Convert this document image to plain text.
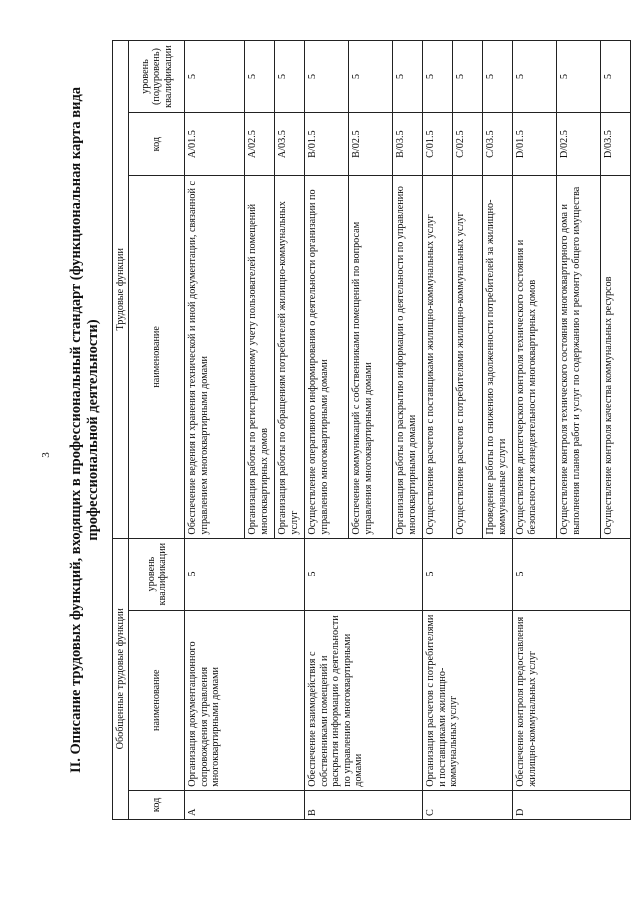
3 II. Описание трудовых функций, входящих в профессиональный стандарт (функциональная карта вида профессиональной деятельности)
Обобщенные трудовые функции			Трудовые функции		
код	наименование	уровень квалификации	наименование	код	уровень (подуровень) квалификации
A	Организация документационного сопровождения управления многоквартирными домами	5	Обеспечение ведения и хранения технической и иной документации, связанной с управлением многоквартирными домами	A/01.5	5
			Организация работы по регистрационному учету пользователей помещений многоквартирных домов	A/02.5	5
			Организация работы по обращениям потребителей жилищно-коммунальных услуг	A/03.5	5
B	Обеспечение взаимодействия с собственниками помещений и раскрытия информации о деятельности по управлению многоквартирными домами	5	Осуществление оперативного информирования о деятельности организации по управлению многоквартирными домами	B/01.5	5
			Обеспечение коммуникаций с собственниками помещений по вопросам управления многоквартирными домами	B/02.5	5
			Организация работы по раскрытию информации о деятельности по управлению многоквартирными домами	B/03.5	5
C	Организация расчетов с потребителями и поставщиками жилищно-коммунальных услуг	5	Осуществление расчетов с поставщиками жилищно-коммунальных услуг	C/01.5	5
			Осуществление расчетов с потребителями жилищно-коммунальных услуг	C/02.5	5
			Проведение работы по снижению задолженности потребителей за жилищно-коммунальные услуги	C/03.5	5
D	Обеспечение контроля предоставления жилищно-коммунальных услуг	5	Осуществление диспетчерского контроля технического состояния и безопасности жизнедеятельности многоквартирных домов	D/01.5	5
			Осуществление контроля технического состояния многоквартирного дома и выполнения планов работ и услуг по содержанию и ремонту общего имущества	D/02.5	5
			Осуществление контроля качества коммунальных ресурсов	D/03.5	5
